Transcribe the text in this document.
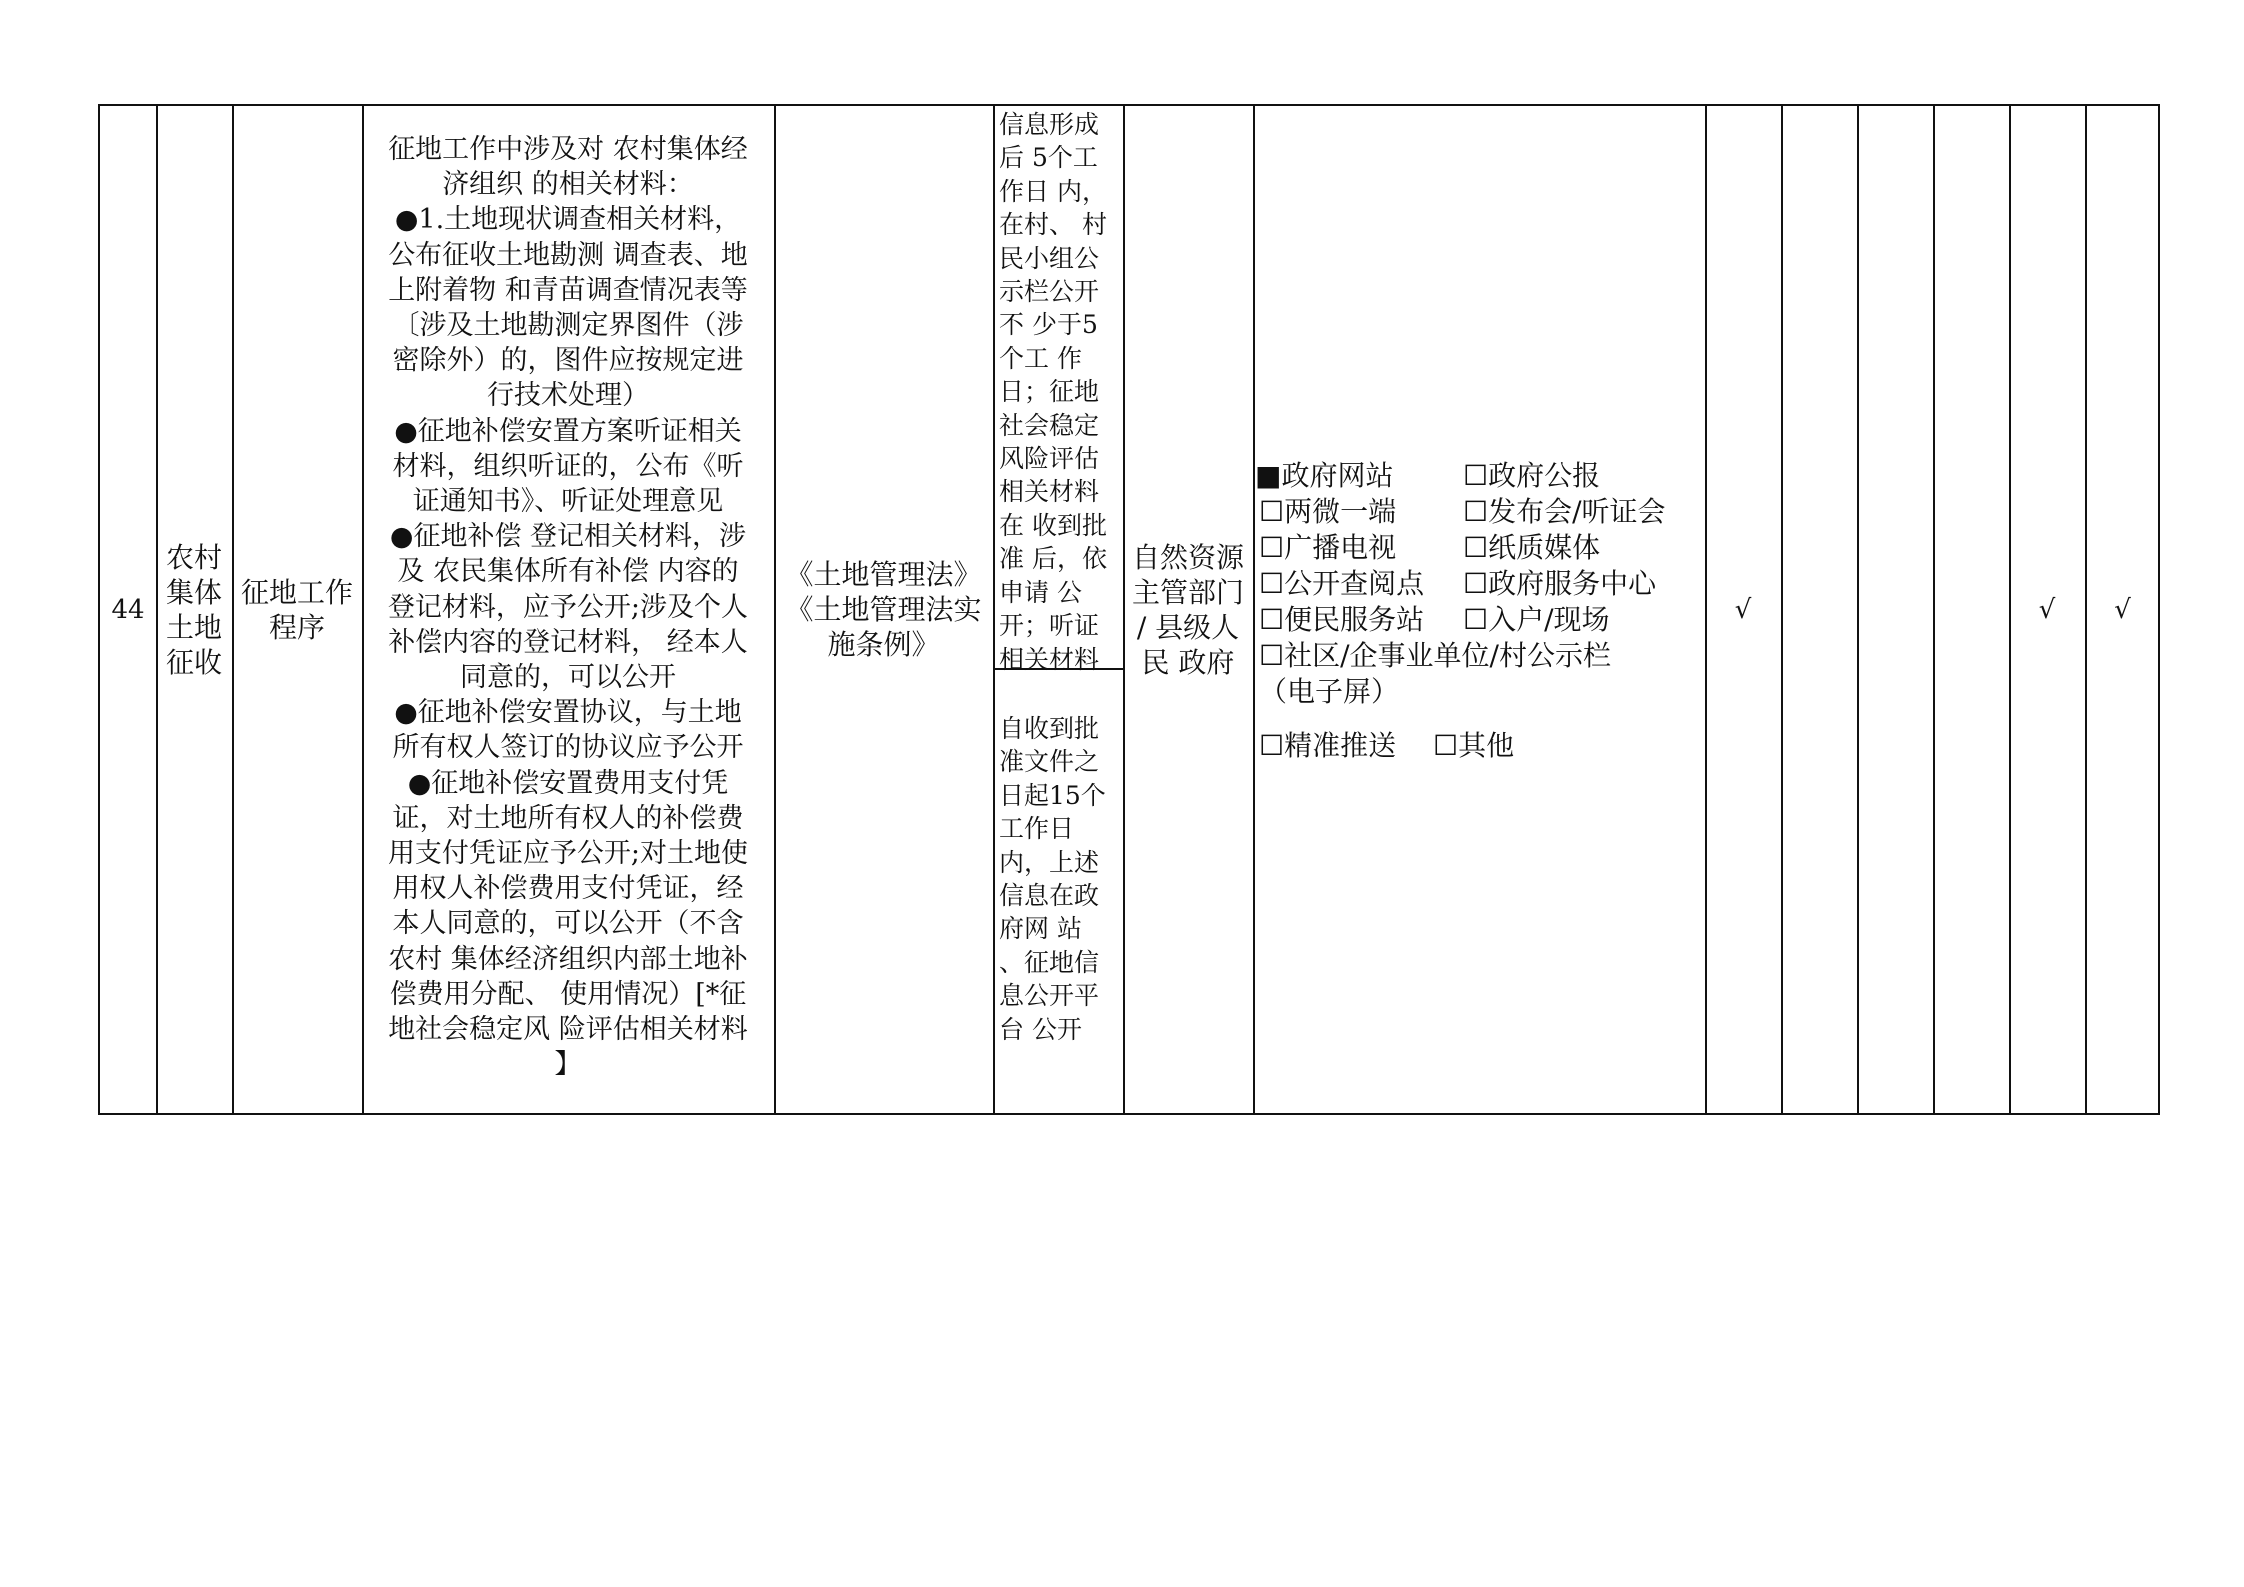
44
农村
集体
土地
征收
征地工作
程序
征地工作中涉及对 农村集体经
济组织 的相关材料：
●1.土地现状调查相关材料，
公布征收土地勘测 调查表、地
上附着物 和青苗调查情况表等
〔涉及土地勘测定界图件（涉
密除外）的，图件应按规定进
行技术处理）
●征地补偿安置方案听证相关
材料，组织听证的，公布《听
证通知书》、听证处理意见
●征地补偿 登记相关材料，涉
及 农民集体所有补偿 内容的
登记材料，应予公开;涉及个人
补偿内容的登记材料， 经本人
同意的，可以公开
●征地补偿安置协议，与土地
所有权人签订的协议应予公开
●征地补偿安置费用支付凭
证，对土地所有权人的补偿费
用支付凭证应予公开;对土地使
用权人补偿费用支付凭证，经
本人同意的，可以公开（不含
农村 集体经济组织内部土地补
偿费用分配、 使用情况）[*征
地社会稳定风 险评估相关材料
】
《土地管理法》
《土地管理法实
施条例》
信息形成
后 5个工
作日 内，
在村、 村
民小组公
示栏公开
不 少于5
个工 作
日；征地
社会稳定
风险评估
相关材料
在 收到批
准 后，依
申请 公
开；听证
相关材料
自收到批
准文件之
日起15个
工作日
内，上述
信息在政
府网 站
、征地信
息公开平
台 公开
自然资源
主管部门
/ 县级人
民 政府
■政府网站 ☐政府公报
☐两微一端 ☐发布会/听证会
☐广播电视 ☐纸质媒体
☐公开查阅点 ☐政府服务中心
☐便民服务站 ☐入户/现场
☐社区/企事业单位/村公示栏
（电子屏）
☐精准推送 ☐其他
√	√ √
